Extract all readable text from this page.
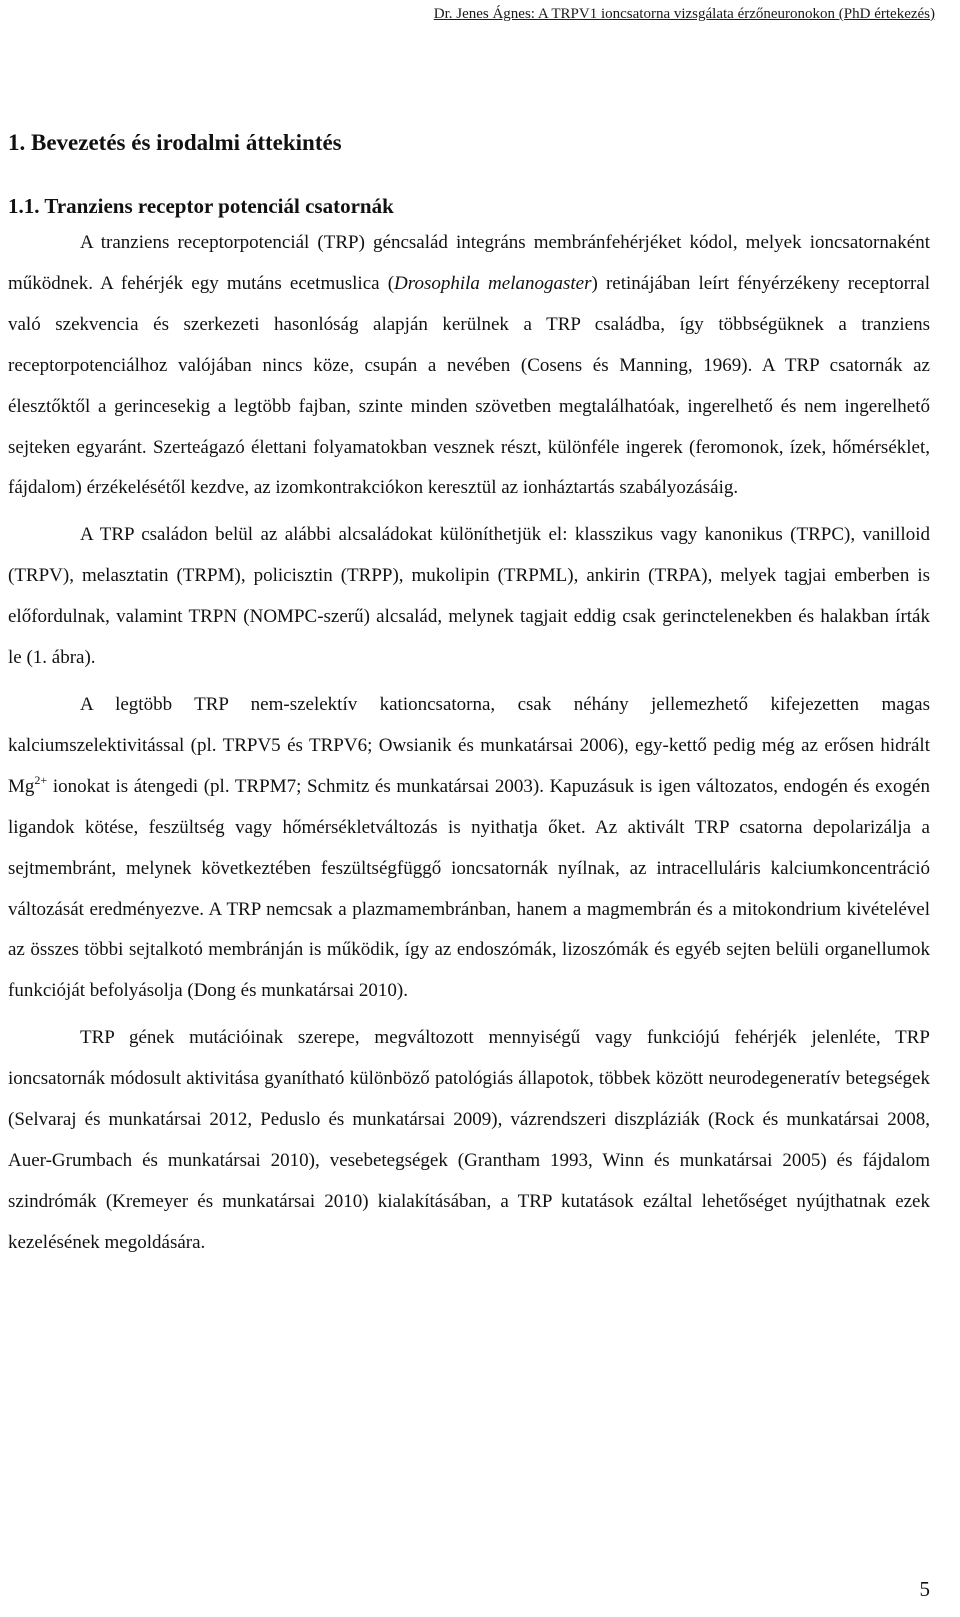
Dr. Jenes Ágnes: A TRPV1 ioncsatorna vizsgálata érzőneuronokon (PhD értekezés)
1. Bevezetés és irodalmi áttekintés
1.1. Tranziens receptor potenciál csatornák

A tranziens receptorpotenciál (TRP) géncsalád integráns membránfehérjéket kódol, melyek ioncsatornaként működnek. A fehérjék egy mutáns ecetmuslica (Drosophila melanogaster) retinájában leírt fényérzékeny receptorral való szekvencia és szerkezeti hasonlóság alapján kerülnek a TRP családba, így többségüknek a tranziens receptorpotenciálhoz valójában nincs köze, csupán a nevében (Cosens és Manning, 1969). A TRP csatornák az élesztőktől a gerincesekig a legtöbb fajban, szinte minden szövetben megtalálhatóak, ingerelhető és nem ingerelhető sejteken egyaránt. Szerteágazó élettani folyamatokban vesznek részt, különféle ingerek (feromonok, ízek, hőmérséklet, fájdalom) érzékelésétől kezdve, az izomkontrakciókon keresztül az ionháztartás szabályozásáig.

A TRP családon belül az alábbi alcsaládokat különíthetjük el: klasszikus vagy kanonikus (TRPC), vanilloid (TRPV), melasztatin (TRPM), policisztin (TRPP), mukolipin (TRPML), ankirin (TRPA), melyek tagjai emberben is előfordulnak, valamint TRPN (NOMPC-szerű) alcsalád, melynek tagjait eddig csak gerinctelenekben és halakban írták le (1. ábra).

A legtöbb TRP nem-szelektív kationcsatorna, csak néhány jellemezhető kifejezetten magas kalciumszelektivitással (pl. TRPV5 és TRPV6; Owsianik és munkatársai 2006), egy-kettő pedig még az erősen hidrált $Mg^{2+}$ ionokat is átengedi (pl. TRPM7; Schmitz és munkatársai 2003). Kapuzásuk is igen változatos, endogén és exogén ligandok kötése, feszültség vagy hőmérsékletváltozás is nyithatja őket. Az aktivált TRP csatorna depolarizálja a sejtmembránt, melynek következtében feszültségfüggő ioncsatornák nyílnak, az intracelluláris kalciumkoncentráció változását eredményezve. A TRP nemcsak a plazmamembránban, hanem a magmembrán és a mitokondrium kivételével az összes többi sejtalkotó membránján is működik, így az endoszómák, lizoszómák és egyéb sejten belüli organellumok funkcióját befolyásolja (Dong és munkatársai 2010).

TRP gének mutációinak szerepe, megváltozott mennyiségű vagy funkciójú fehérjék jelenléte, TRP ioncsatornák módosult aktivitása gyanítható különböző patológiás állapotok, többek között neurodegeneratív betegségek (Selvaraj és munkatársai 2012, Peduslo és munkatársai 2009), vázrendszeri diszpláziák (Rock és munkatársai 2008, Auer-Grumbach és munkatársai 2010), vesebetegségek (Grantham 1993, Winn és munkatársai 2005) és fájdalom szindrómák (Kremeyer és munkatársai 2010) kialakításában, a TRP kutatások ezáltal lehetőséget nyújthatnak ezek kezelésének megoldására.

5
